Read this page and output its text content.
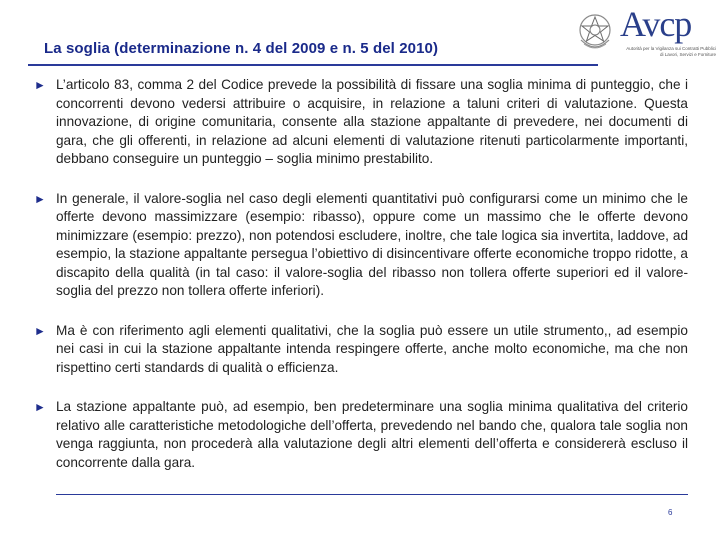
La soglia (determinazione n. 4 del 2009 e n. 5 del 2010)
Avcp
Autorità per la Vigilanza sui Contratti Pubblici
di Lavori, Servizi e Forniture
► L’articolo 83, comma 2 del Codice prevede la possibilità di fissare una soglia minima di punteggio, che i concorrenti devono vedersi attribuire o acquisire, in relazione a taluni criteri di valutazione. Questa innovazione, di origine comunitaria, consente alla stazione appaltante di prevedere, nei documenti di gara, che gli offerenti, in relazione ad alcuni elementi di valutazione ritenuti particolarmente importanti, debbano conseguire un punteggio – soglia minimo prestabilito.
► In generale, il valore-soglia nel caso degli elementi quantitativi può configurarsi come un minimo che le offerte devono massimizzare (esempio: ribasso), oppure come un massimo che le offerte devono minimizzare (esempio: prezzo), non potendosi escludere, inoltre, che tale logica sia invertita, laddove, ad esempio, la stazione appaltante persegua l’obiettivo di disincentivare offerte economiche troppo ridotte, a discapito della qualità (in tal caso: il valore-soglia del ribasso non tollera offerte superiori ed il valore-soglia del prezzo non tollera offerte inferiori).
► Ma è con riferimento agli elementi qualitativi, che la soglia può essere un utile strumento,, ad esempio nei casi in cui la stazione appaltante intenda respingere offerte, anche molto economiche, ma che non rispettino certi standards di qualità o efficienza.
► La stazione appaltante può, ad esempio, ben predeterminare una soglia minima qualitativa del criterio relativo alle caratteristiche metodologiche dell’offerta, prevedendo nel bando che, qualora tale soglia non venga raggiunta, non procederà alla valutazione degli altri elementi dell’offerta e considererà escluso il concorrente dalla gara.
6
